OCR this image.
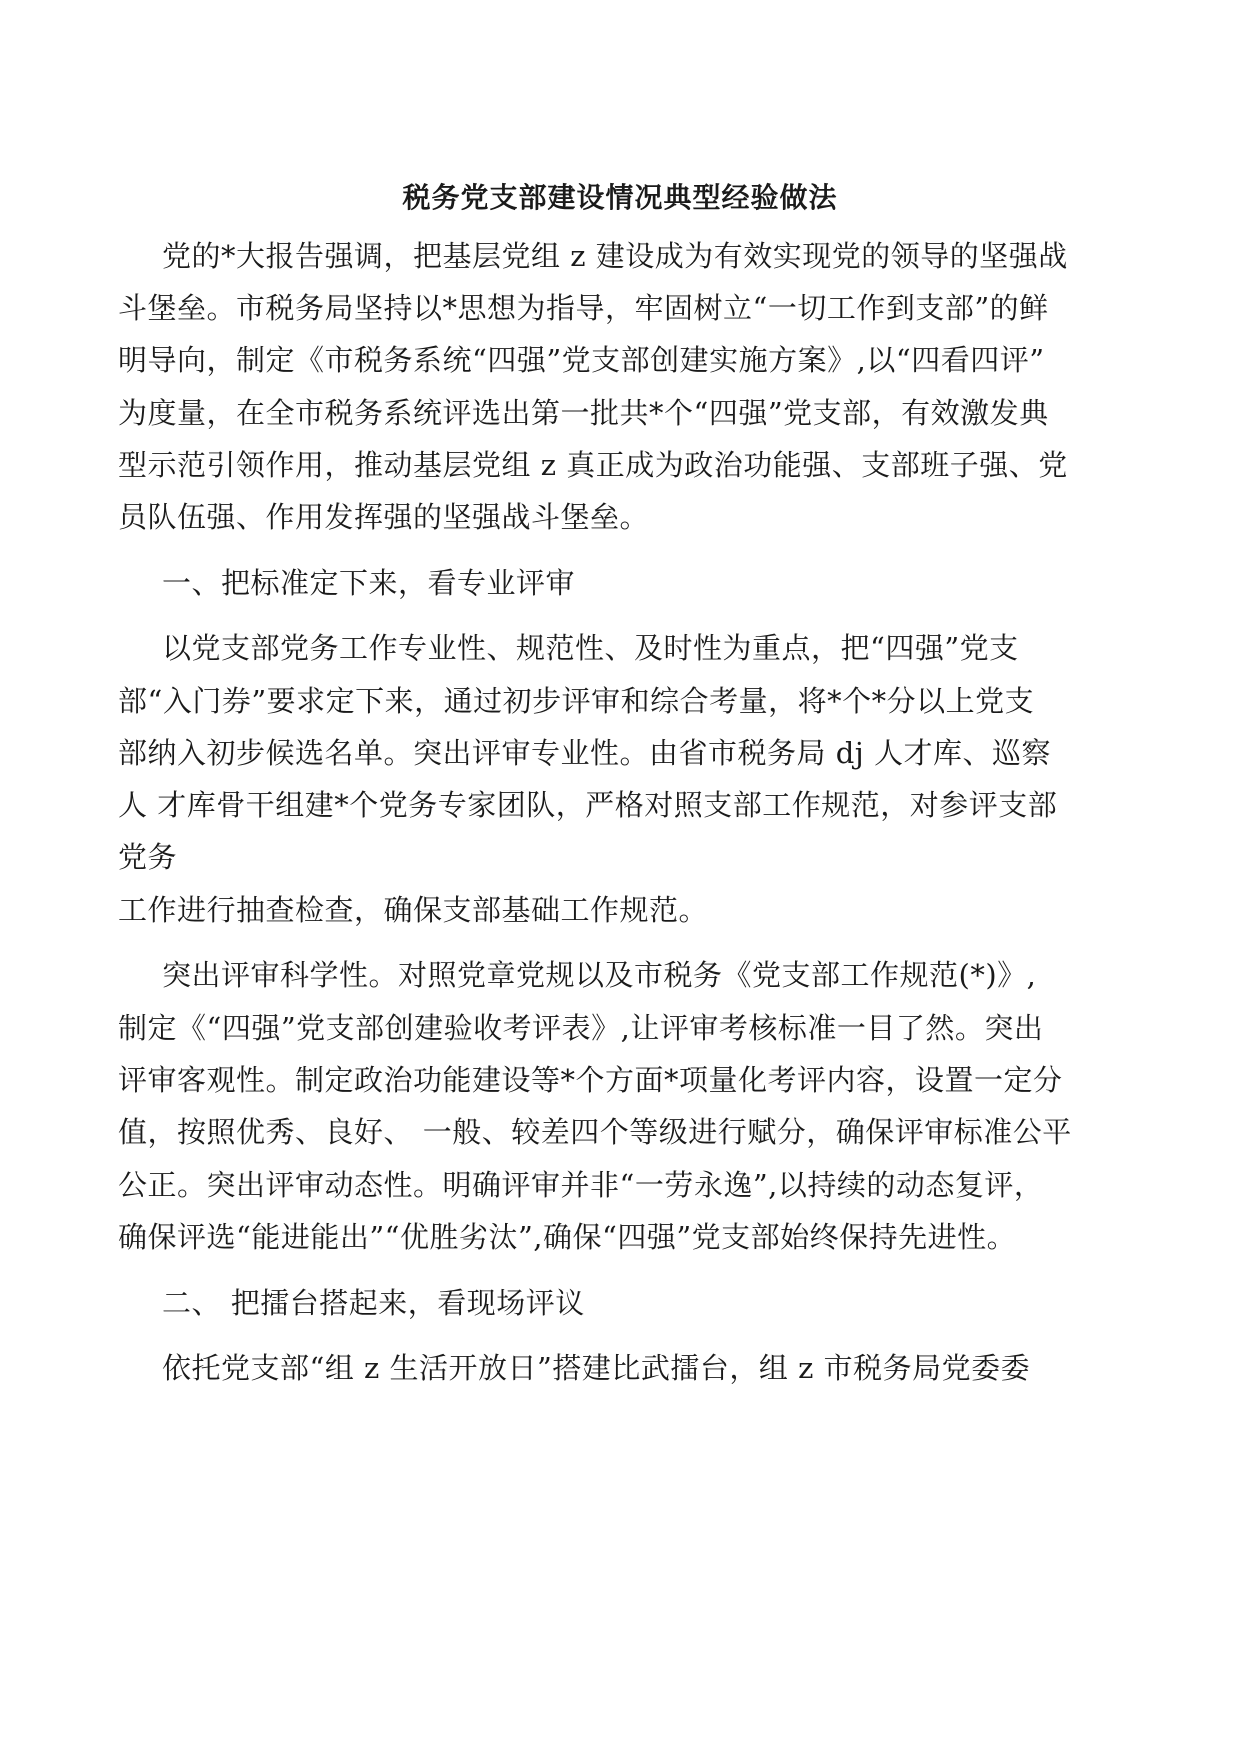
税务党支部建设情况典型经验做法
党的*大报告强调，把基层党组 z 建设成为有效实现党的领导的坚强战
斗堡垒。市税务局坚持以*思想为指导，牢固树立“一切工作到支部”的鲜
明导向，制定《市税务系统“四强”党支部创建实施方案》,以“四看四评”
为度量，在全市税务系统评选出第一批共*个“四强”党支部，有效激发典
型示范引领作用，推动基层党组 z 真正成为政治功能强、支部班子强、党
员队伍强、作用发挥强的坚强战斗堡垒。
一、把标准定下来，看专业评审
以党支部党务工作专业性、规范性、及时性为重点，把“四强”党支
部“入门券”要求定下来，通过初步评审和综合考量，将*个*分以上党支
部纳入初步候选名单。突出评审专业性。由省市税务局 dj 人才库、巡察
人 才库骨干组建*个党务专家团队，严格对照支部工作规范，对参评支部
党务
工作进行抽查检查，确保支部基础工作规范。
突出评审科学性。对照党章党规以及市税务《党支部工作规范(*)》,
制定《“四强”党支部创建验收考评表》,让评审考核标准一目了然。突出
评审客观性。制定政治功能建设等*个方面*项量化考评内容，设置一定分
值，按照优秀、良好、 一般、较差四个等级进行赋分，确保评审标准公平
公正。突出评审动态性。明确评审并非“一劳永逸”,以持续的动态复评，
确保评选“能进能出”“优胜劣汰”,确保“四强”党支部始终保持先进性。
二、 把擂台搭起来，看现场评议
依托党支部“组 z 生活开放日”搭建比武擂台，组 z 市税务局党委委
